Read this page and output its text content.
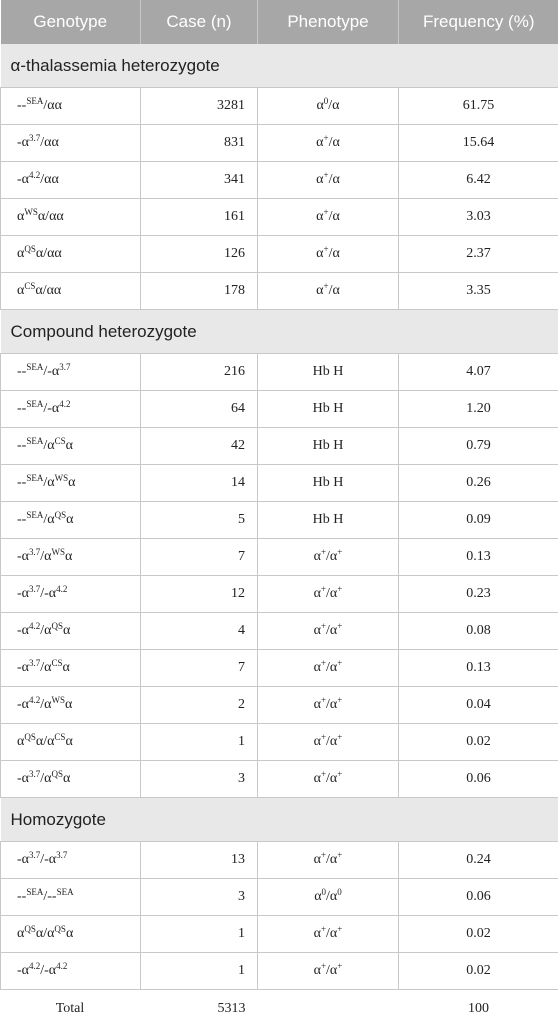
Genotype	Case (n)	Phenotype	Frequency (%)
α-thalassemia heterozygote			
--$^{SEA}$/αα	3281	$\alpha^0/\alpha$	61.75
$-\alpha^{3.7}/\alpha\alpha$	831	α+/α	15.64
$-\alpha^{4.2}/\alpha\alpha$	341	α+/α	6.42
$\alpha^{WS}\alpha/\alpha\alpha$	161	α+/α	3.03
$\alpha^{QS}\alpha/\alpha\alpha$	126	α+/α	2.37
$\alpha^{CS}\alpha/\alpha\alpha$	178	α+/α	3.35
Compound heterozygote			
$--^{SEA}/-\alpha^{3.7}$	216	Hb H	4.07
$--^{SEA}/-\alpha^{4.2}$	64	Hb H	1.20
$--^{SEA}/\alpha^{CS}\alpha$	42	Hb H	0.79
$--^{SEA}/\alpha^{WS}\alpha$	14	Hb H	0.26
$--^{SEA}/\alpha^{QS}\alpha$	5	Hb H	0.09
$-\alpha^{3.7}/\alpha^{WS}\alpha$	7	α+/α+	0.13
$-\alpha^{3.7}/-\alpha^{4.2}$	12	α+/α+	0.23
$-\alpha^{4.2}/\alpha^{QS}\alpha$	4	α+/α+	0.08
$-\alpha^{3.7}/\alpha^{CS}\alpha$	7	α+/α+	0.13
$-\alpha^{4.2}/\alpha^{WS}\alpha$	2	α+/α+	0.04
$\alpha^{QS}\alpha/\alpha^{CS}\alpha$	1	α+/α+	0.02
$-\alpha^{3.7}/\alpha^{QS}\alpha$	3	α+/α+	0.06
Homozygote			
$-\alpha^{3.7}/-\alpha^{3.7}$	13	α+/α+	0.24
--$^{SEA}$/--$^{SEA}$	3	$\alpha^0/\alpha^0$	0.06
$\alpha^{QS}\alpha/\alpha^{QS}\alpha$	1	α+/α+	0.02
$-\alpha^{4.2}/-\alpha^{4.2}$	1	α+/α+	0.02
Total	5313		100
